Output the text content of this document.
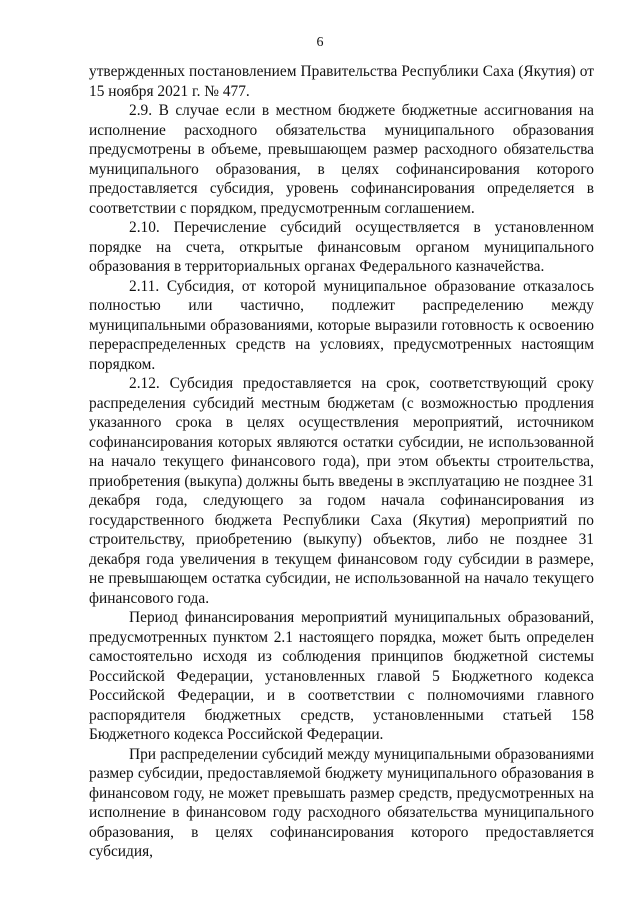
6

утвержденных постановлением Правительства Республики Саха (Якутия) от 15 ноября 2021 г. № 477.

2.9. В случае если в местном бюджете бюджетные ассигнования на исполнение расходного обязательства муниципального образования предусмотрены в объеме, превышающем размер расходного обязательства муниципального образования, в целях софинансирования которого предоставляется субсидия, уровень софинансирования определяется в соответствии с порядком, предусмотренным соглашением.

2.10. Перечисление субсидий осуществляется в установленном порядке на счета, открытые финансовым органом муниципального образования в территориальных органах Федерального казначейства.

2.11. Субсидия, от которой муниципальное образование отказалось полностью или частично, подлежит распределению между муниципальными образованиями, которые выразили готовность к освоению перераспределенных средств на условиях, предусмотренных настоящим порядком.

2.12. Субсидия предоставляется на срок, соответствующий сроку распределения субсидий местным бюджетам (с возможностью продления указанного срока в целях осуществления мероприятий, источником софинансирования которых являются остатки субсидии, не использованной на начало текущего финансового года), при этом объекты строительства, приобретения (выкупа) должны быть введены в эксплуатацию не позднее 31 декабря года, следующего за годом начала софинансирования из государственного бюджета Республики Саха (Якутия) мероприятий по строительству, приобретению (выкупу) объектов, либо не позднее 31 декабря года увеличения в текущем финансовом году субсидии в размере, не превышающем остатка субсидии, не использованной на начало текущего финансового года.

Период финансирования мероприятий муниципальных образований, предусмотренных пунктом 2.1 настоящего порядка, может быть определен самостоятельно исходя из соблюдения принципов бюджетной системы Российской Федерации, установленных главой 5 Бюджетного кодекса Российской Федерации, и в соответствии с полномочиями главного распорядителя бюджетных средств, установленными статьей 158 Бюджетного кодекса Российской Федерации.

При распределении субсидий между муниципальными образованиями размер субсидии, предоставляемой бюджету муниципального образования в финансовом году, не может превышать размер средств, предусмотренных на исполнение в финансовом году расходного обязательства муниципального образования, в целях софинансирования которого предоставляется субсидия,
